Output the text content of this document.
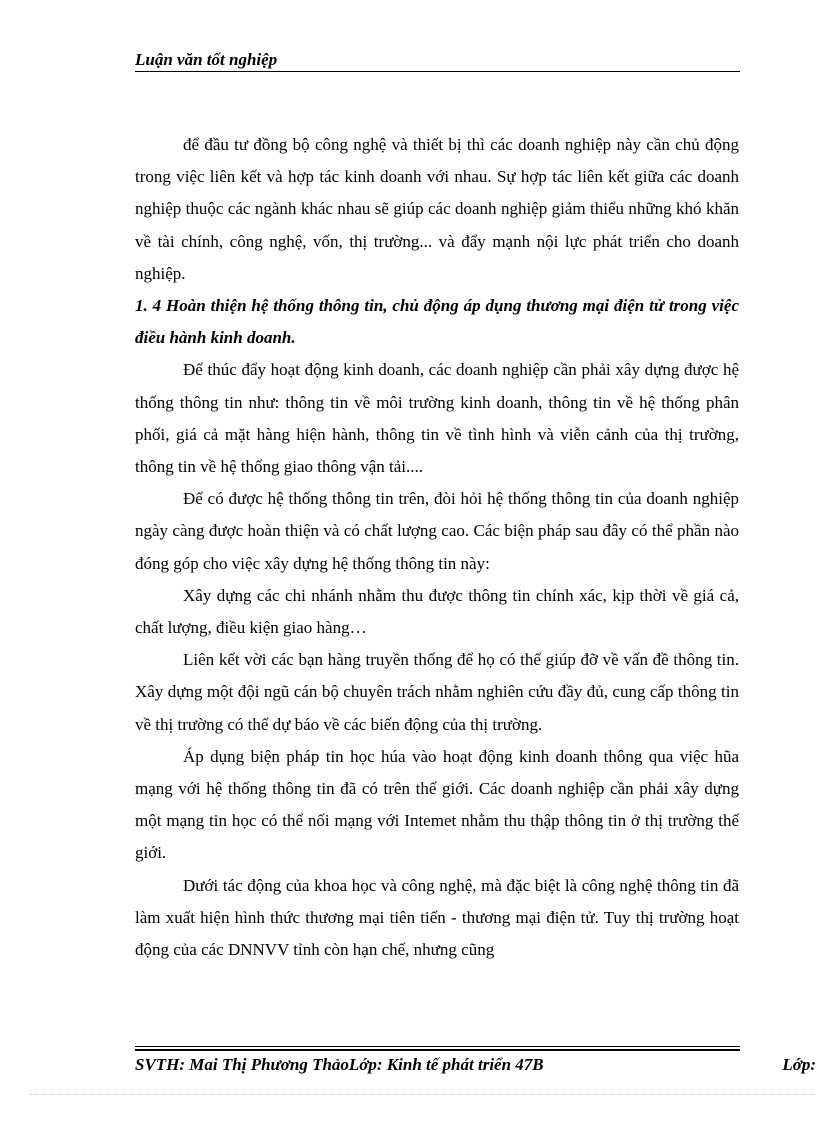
Luận văn tốt nghiệp

để đầu tư đồng bộ công nghệ và thiết bị thì các doanh nghiệp này cần chủ động trong việc liên kết và hợp tác kinh doanh với nhau. Sự hợp tác liên kết giữa các doanh nghiệp thuộc các ngành khác nhau sẽ giúp các doanh nghiệp giảm thiểu những khó khăn về tài chính, công nghệ, vốn, thị trường... và đẩy mạnh nội lực phát triển cho doanh nghiệp.

1. 4 Hoàn thiện hệ thống thông tin, chủ động áp dụng thương mại điện tử trong việc điều hành kinh doanh.

Để thúc đẩy hoạt động kinh doanh, các doanh nghiệp cần phải xây dựng được hệ thống thông tin như: thông tin về môi trường kinh doanh, thông tin về hệ thống phân phối, giá cả mặt hàng hiện hành, thông tin về tình hình và viễn cảnh của thị trường, thông tin về hệ thống giao thông vận tải....

Để có được hệ thống thông tin trên, đòi hỏi hệ thống thông tin của doanh nghiệp ngày càng được hoàn thiện và có chất lượng cao. Các biện pháp sau đây có thể phần nào đóng góp cho việc xây dựng hệ thống thông tin này:

Xây dựng các chi nhánh nhằm thu được thông tin chính xác, kịp thời về giá cả, chất lượng, điều kiện giao hàng…

Liên kết vời các bạn hàng truyền thống để họ có thể giúp đỡ về vấn đề thông tin. Xây dựng một đội ngũ cán bộ chuyên trách nhằm nghiên cứu đầy đủ, cung cấp thông tin về thị trường có thể dự báo về các biến động của thị trường.

Áp dụng biện pháp tin học húa vào hoạt động kinh doanh thông qua việc hũa mạng với hệ thống thông tin đã có trên thế giới. Các doanh nghiệp cần phải xây dựng một mạng tin học có thể nối mạng với Intemet nhằm thu thập thông tin ở thị trường thế giới.

Dưới tác động của khoa học và công nghệ, mà đặc biệt là công nghệ thông tin đã làm xuất hiện hình thức thương mại tiên tiến - thương mại điện tử. Tuy thị trường hoạt động của các DNNVV tỉnh còn hạn chế, nhưng cũng

SVTH: Mai Thị Phương ThảoLớp: Kinh tế phát triển 47B	Lớp:
